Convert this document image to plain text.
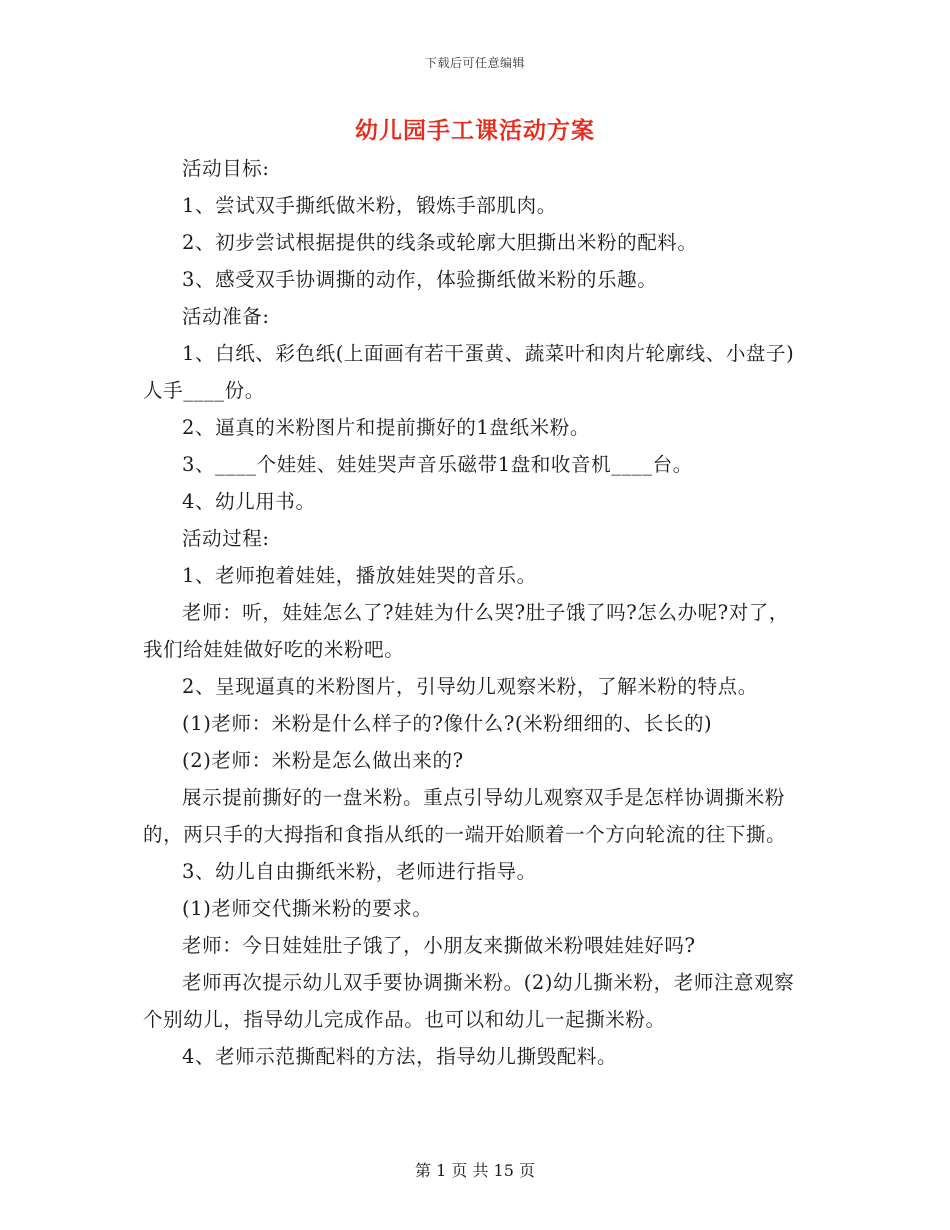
下载后可任意编辑
幼儿园手工课活动方案

活动目标:

1、尝试双手撕纸做米粉，锻炼手部肌肉。

2、初步尝试根据提供的线条或轮廓大胆撕出米粉的配料。

3、感受双手协调撕的动作，体验撕纸做米粉的乐趣。

活动准备:

1、白纸、彩色纸(上面画有若干蛋黄、蔬菜叶和肉片轮廓线、小盘子)人手____份。

2、逼真的米粉图片和提前撕好的1盘纸米粉。

3、____个娃娃、娃娃哭声音乐磁带1盘和收音机____台。

4、幼儿用书。

活动过程:

1、老师抱着娃娃，播放娃娃哭的音乐。

老师：听，娃娃怎么了?娃娃为什么哭?肚子饿了吗?怎么办呢?对了，我们给娃娃做好吃的米粉吧。

2、呈现逼真的米粉图片，引导幼儿观察米粉，了解米粉的特点。

(1)老师：米粉是什么样子的?像什么?(米粉细细的、长长的)

(2)老师：米粉是怎么做出来的?

展示提前撕好的一盘米粉。重点引导幼儿观察双手是怎样协调撕米粉的，两只手的大拇指和食指从纸的一端开始顺着一个方向轮流的往下撕。

3、幼儿自由撕纸米粉，老师进行指导。

(1)老师交代撕米粉的要求。

老师：今日娃娃肚子饿了，小朋友来撕做米粉喂娃娃好吗?

老师再次提示幼儿双手要协调撕米粉。(2)幼儿撕米粉，老师注意观察个别幼儿，指导幼儿完成作品。也可以和幼儿一起撕米粉。

4、老师示范撕配料的方法，指导幼儿撕毁配料。

第 1 页 共 15 页
